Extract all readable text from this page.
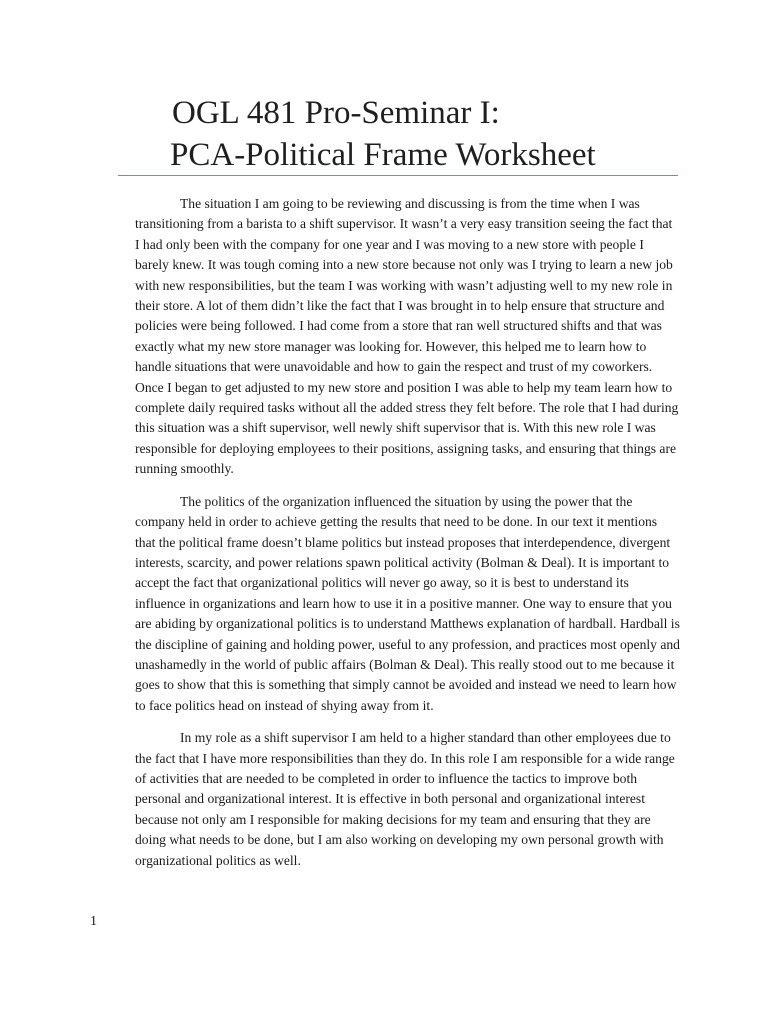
OGL 481 Pro-Seminar I:
PCA-Political Frame Worksheet

The situation I am going to be reviewing and discussing is from the time when I was transitioning from a barista to a shift supervisor. It wasn’t a very easy transition seeing the fact that I had only been with the company for one year and I was moving to a new store with people I barely knew. It was tough coming into a new store because not only was I trying to learn a new job with new responsibilities, but the team I was working with wasn’t adjusting well to my new role in their store. A lot of them didn’t like the fact that I was brought in to help ensure that structure and policies were being followed. I had come from a store that ran well structured shifts and that was exactly what my new store manager was looking for. However, this helped me to learn how to handle situations that were unavoidable and how to gain the respect and trust of my coworkers. Once I began to get adjusted to my new store and position I was able to help my team learn how to complete daily required tasks without all the added stress they felt before. The role that I had during this situation was a shift supervisor, well newly shift supervisor that is. With this new role I was responsible for deploying employees to their positions, assigning tasks, and ensuring that things are running smoothly.

The politics of the organization influenced the situation by using the power that the company held in order to achieve getting the results that need to be done. In our text it mentions that the political frame doesn’t blame politics but instead proposes that interdependence, divergent interests, scarcity, and power relations spawn political activity (Bolman & Deal). It is important to accept the fact that organizational politics will never go away, so it is best to understand its influence in organizations and learn how to use it in a positive manner. One way to ensure that you are abiding by organizational politics is to understand Matthews explanation of hardball. Hardball is the discipline of gaining and holding power, useful to any profession, and practices most openly and unashamedly in the world of public affairs (Bolman & Deal). This really stood out to me because it goes to show that this is something that simply cannot be avoided and instead we need to learn how to face politics head on instead of shying away from it.

In my role as a shift supervisor I am held to a higher standard than other employees due to the fact that I have more responsibilities than they do. In this role I am responsible for a wide range of activities that are needed to be completed in order to influence the tactics to improve both personal and organizational interest. It is effective in both personal and organizational interest because not only am I responsible for making decisions for my team and ensuring that they are doing what needs to be done, but I am also working on developing my own personal growth with organizational politics as well.

1
